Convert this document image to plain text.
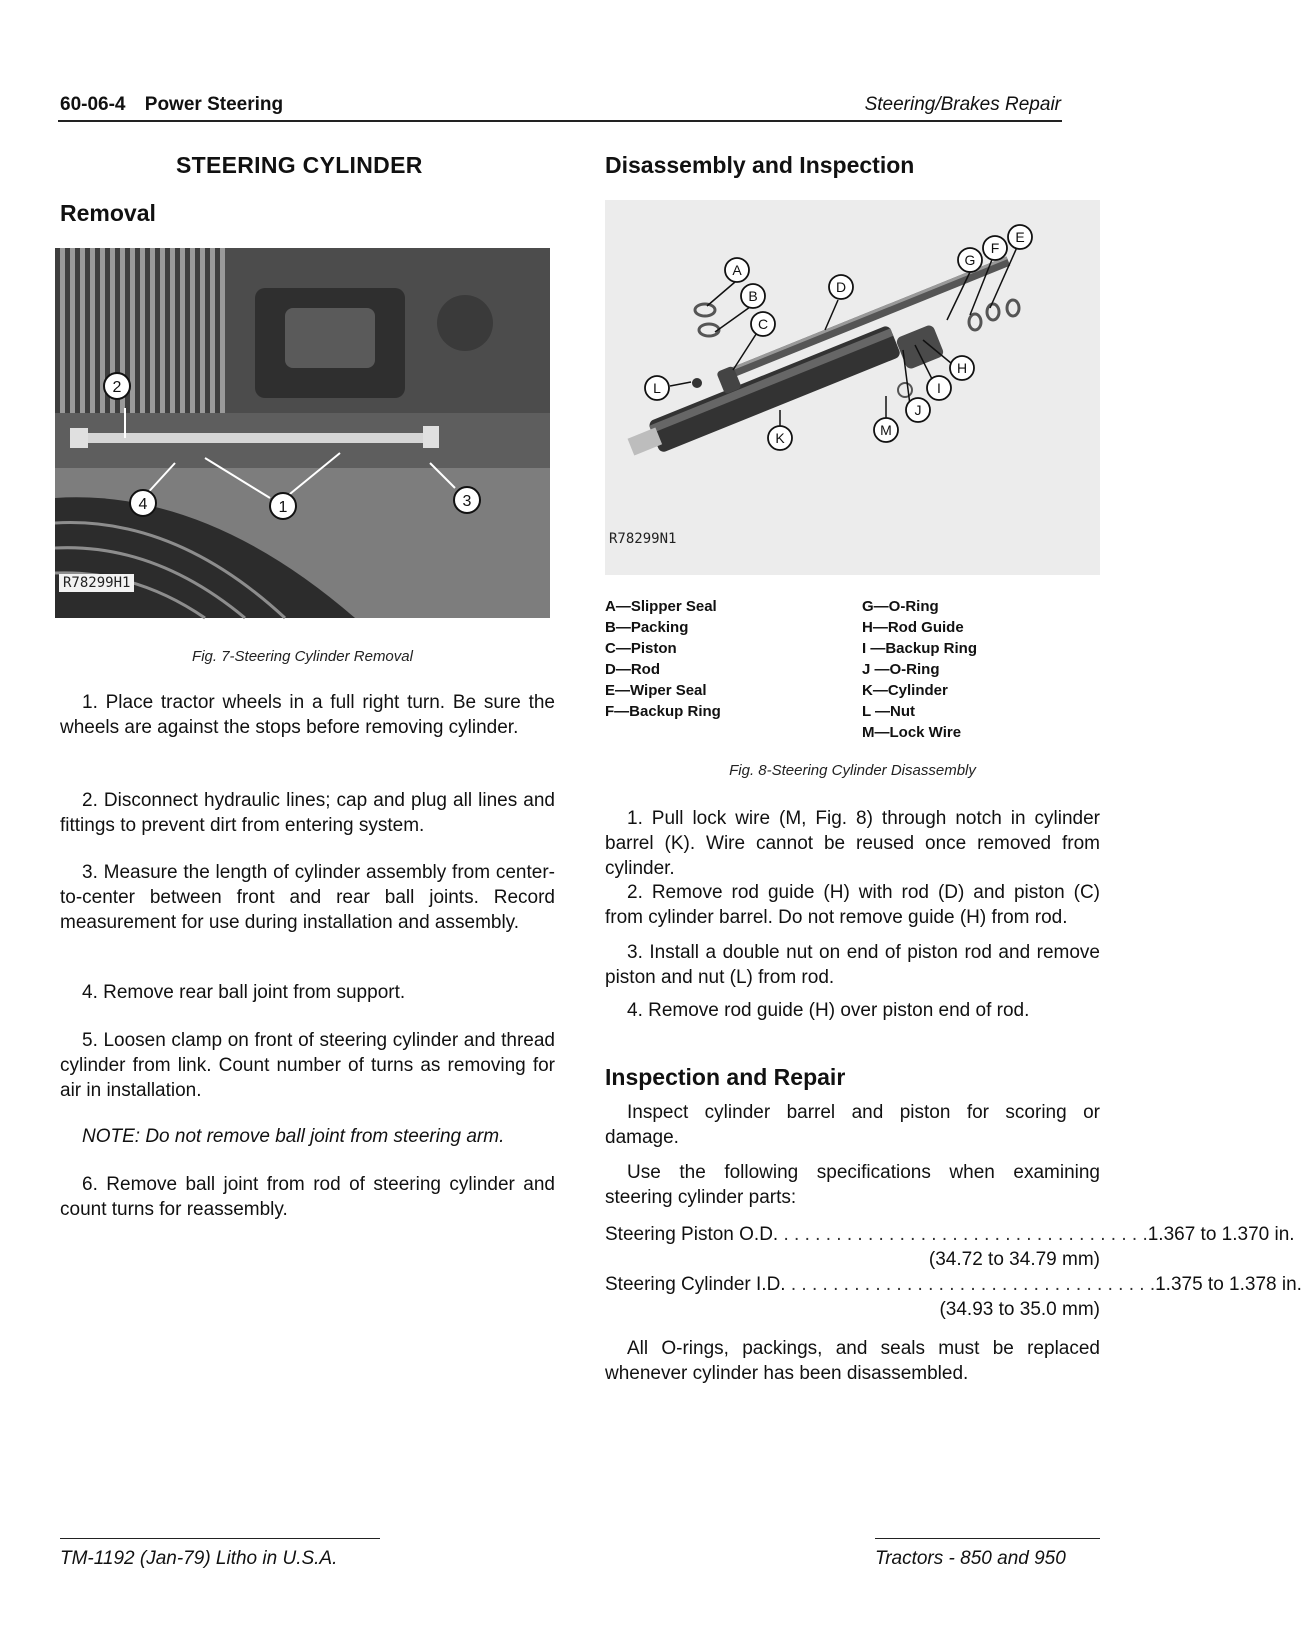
60-06-4 Power Steering	Steering/Brakes Repair
STEERING CYLINDER
Removal
2
4	1	3
R78299H1
Fig. 7-Steering Cylinder Removal

1. Place tractor wheels in a full right turn. Be sure the wheels are against the stops before removing cylinder.

2. Disconnect hydraulic lines; cap and plug all lines and fittings to prevent dirt from entering system.

3. Measure the length of cylinder assembly from center-to-center between front and rear ball joints. Record measurement for use during installation and assembly.

4. Remove rear ball joint from support.

5. Loosen clamp on front of steering cylinder and thread cylinder from link. Count number of turns as removing for air in installation.

NOTE: Do not remove ball joint from steering arm.

6. Remove ball joint from rod of steering cylinder and count turns for reassembly.

Disassembly and Inspection
A
B
C
D
E
F
G
H
I
J
K
L
M
R78299N1
A—Slipper Seal
B—Packing
C—Piston
D—Rod
E—Wiper Seal
F—Backup Ring
G—O-Ring
H—Rod Guide
I —Backup Ring
J —O-Ring
K—Cylinder
L —Nut
M—Lock Wire
Fig. 8-Steering Cylinder Disassembly

1. Pull lock wire (M, Fig. 8) through notch in cylinder barrel (K). Wire cannot be reused once removed from cylinder.

2. Remove rod guide (H) with rod (D) and piston (C) from cylinder barrel. Do not remove guide (H) from rod.

3. Install a double nut on end of piston rod and remove piston and nut (L) from rod.

4. Remove rod guide (H) over piston end of rod.

Inspection and Repair

Inspect cylinder barrel and piston for scoring or damage.

Use the following specifications when examining steering cylinder parts:

Steering Piston O.D. . . . . . . . . . . . . . . . . . . . . . . . . . . . . . . . . . . . 1.367 to 1.370 in.
(34.72 to 34.79 mm)
Steering Cylinder I.D. . . . . . . . . . . . . . . . . . . . . . . . . . . . . . . . . . . . 1.375 to 1.378 in.
(34.93 to 35.0 mm)

All O-rings, packings, and seals must be replaced whenever cylinder has been disassembled.

TM-1192 (Jan-79) Litho in U.S.A.	Tractors - 850 and 950
